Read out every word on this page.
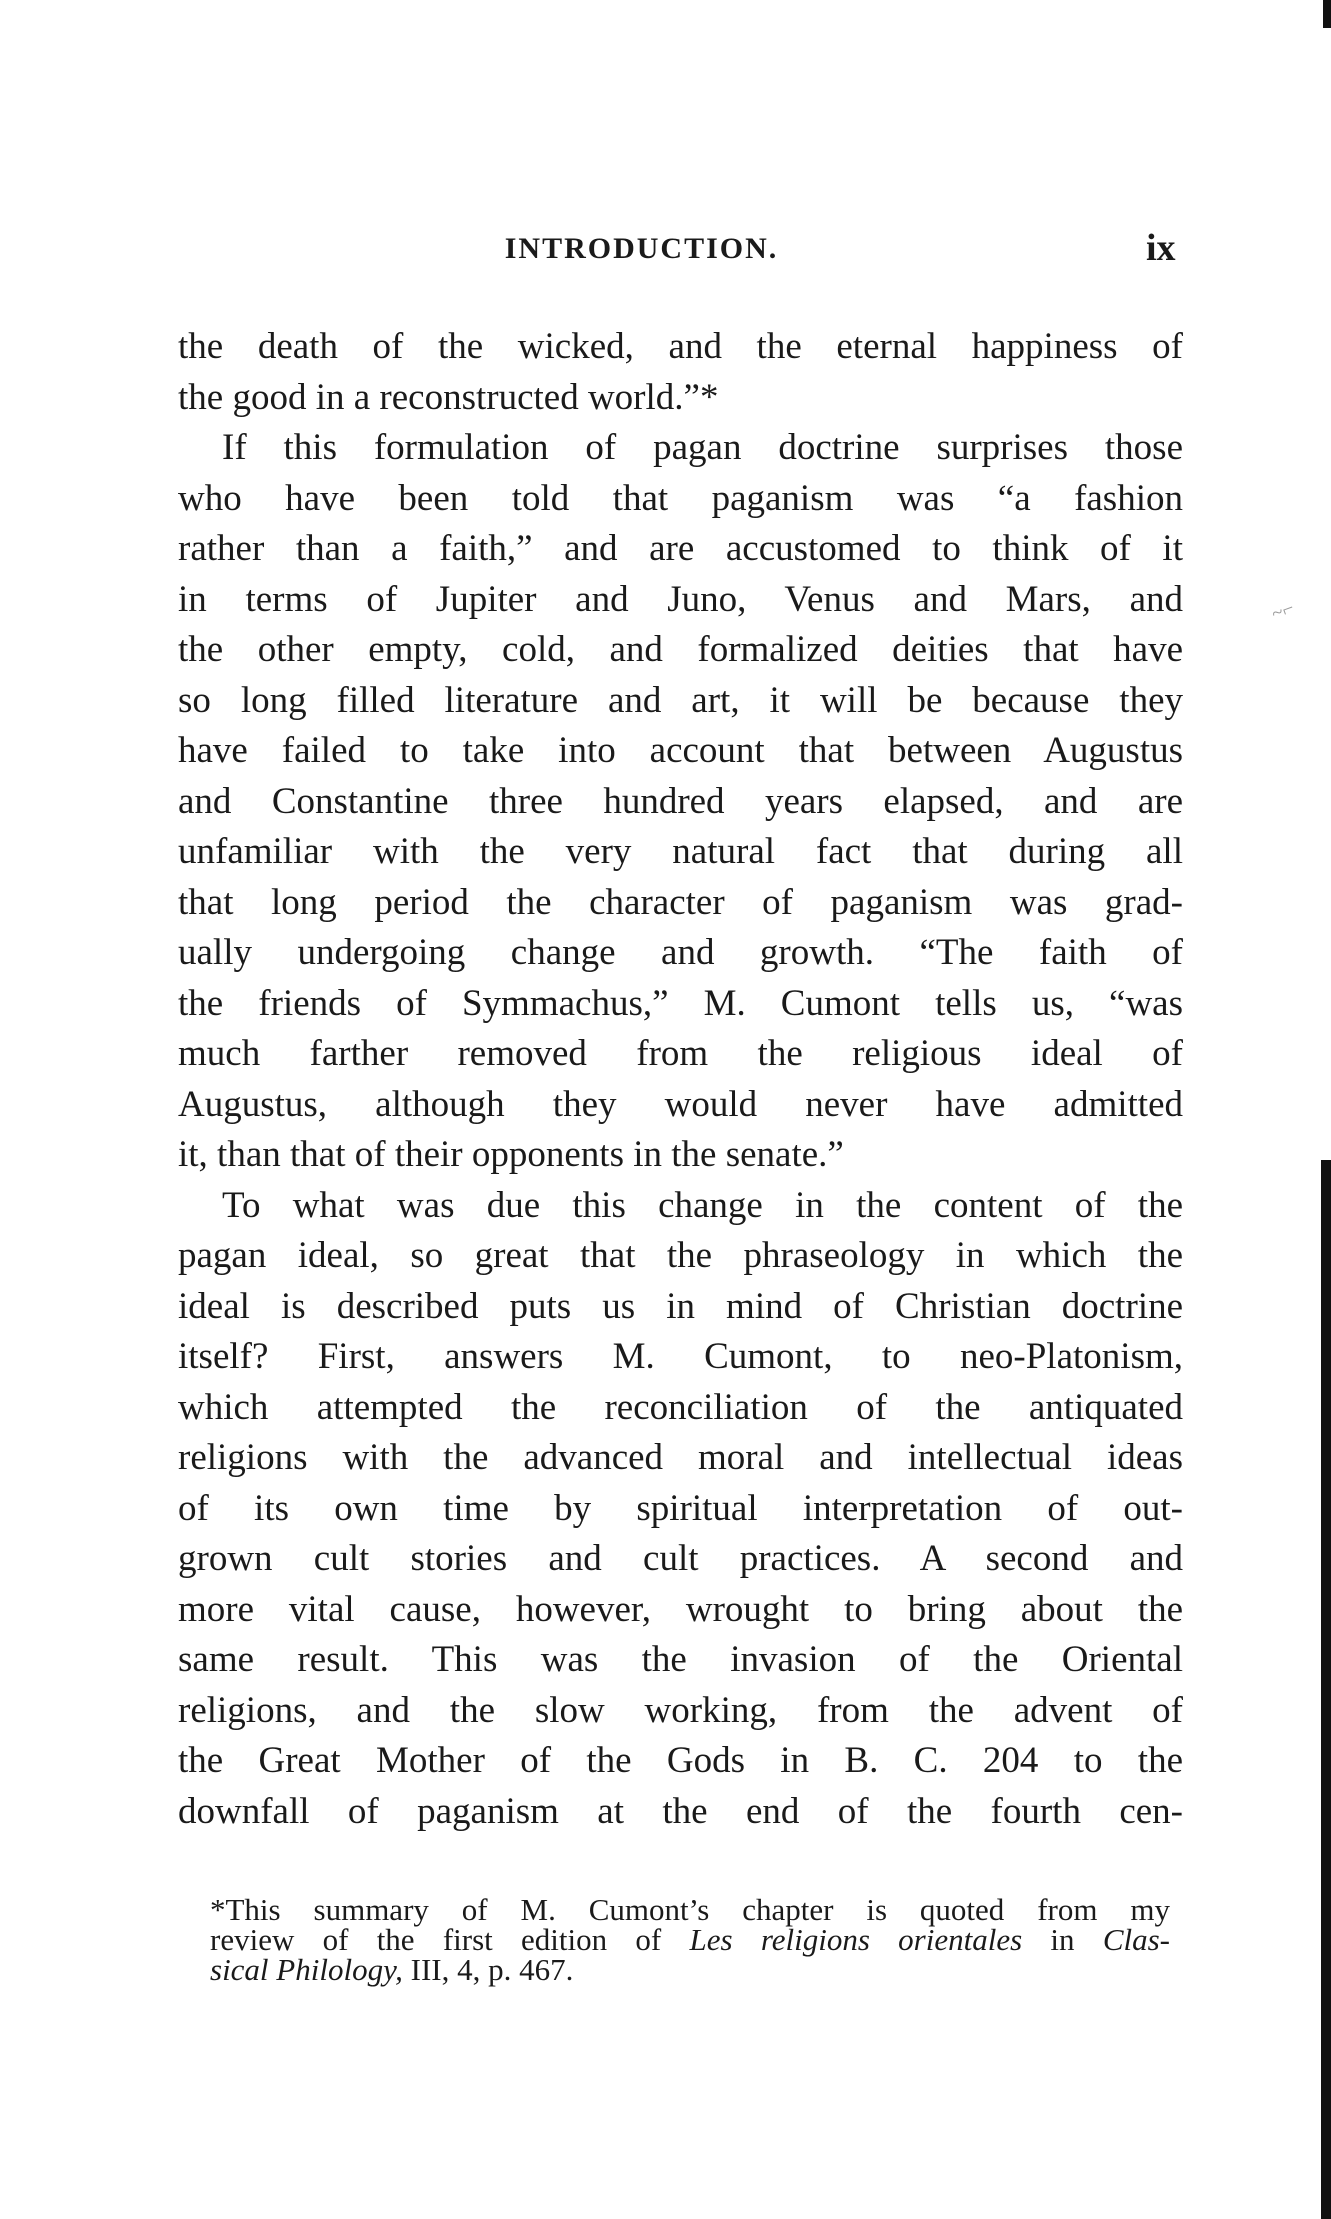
INTRODUCTION.	ix
~⌐
the death of the wicked, and the eternal happiness of
the good in a reconstructed world.”*
If this formulation of pagan doctrine surprises those
who have been told that paganism was “a fashion
rather than a faith,” and are accustomed to think of it
in terms of Jupiter and Juno, Venus and Mars, and
the other empty, cold, and formalized deities that have
so long filled literature and art, it will be because they
have failed to take into account that between Augustus
and Constantine three hundred years elapsed, and are
unfamiliar with the very natural fact that during all
that long period the character of paganism was grad-
ually undergoing change and growth. “The faith of
the friends of Symmachus,” M. Cumont tells us, “was
much farther removed from the religious ideal of
Augustus, although they would never have admitted
it, than that of their opponents in the senate.”
To what was due this change in the content of the
pagan ideal, so great that the phraseology in which the
ideal is described puts us in mind of Christian doctrine
itself? First, answers M. Cumont, to neo-Platonism,
which attempted the reconciliation of the antiquated
religions with the advanced moral and intellectual ideas
of its own time by spiritual interpretation of out-
grown cult stories and cult practices. A second and
more vital cause, however, wrought to bring about the
same result. This was the invasion of the Oriental
religions, and the slow working, from the advent of
the Great Mother of the Gods in B. C. 204 to the
downfall of paganism at the end of the fourth cen-
*This summary of M. Cumont’s chapter is quoted from my
review of the first edition of Les religions orientales in Clas-
sical Philology, III, 4, p. 467.
